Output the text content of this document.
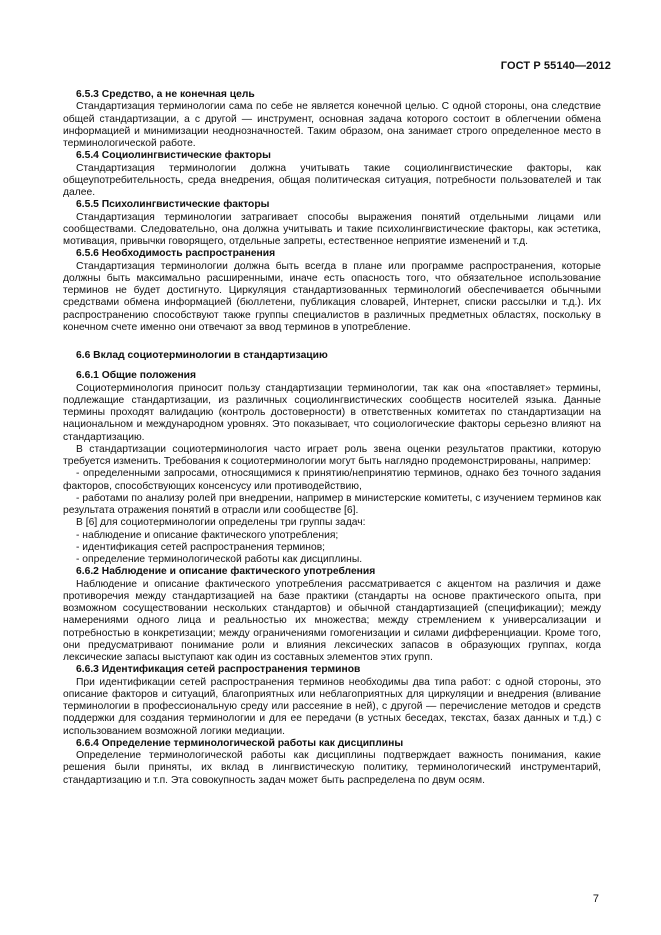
ГОСТ Р 55140—2012

6.5.3 Средство, а не конечная цель

Стандартизация терминологии сама по себе не является конечной целью. С одной стороны, она следствие общей стандартизации, а с другой — инструмент, основная задача которого состоит в облегчении обмена информацией и минимизации неоднозначностей. Таким образом, она занимает строго определенное место в терминологической работе.

6.5.4 Социолингвистические факторы

Стандартизация терминологии должна учитывать такие социолингвистические факторы, как общеупотребительность, среда внедрения, общая политическая ситуация, потребности пользователей и так далее.

6.5.5 Психолингвистические факторы

Стандартизация терминологии затрагивает способы выражения понятий отдельными лицами или сообществами. Следовательно, она должна учитывать и такие психолингвистические факторы, как эстетика, мотивация, привычки говорящего, отдельные запреты, естественное неприятие изменений и т.д.

6.5.6 Необходимость распространения

Стандартизация терминологии должна быть всегда в плане или программе распространения, которые должны быть максимально расширенными, иначе есть опасность того, что обязательное использование терминов не будет достигнуто. Циркуляция стандартизованных терминологий обеспечивается обычными средствами обмена информацией (бюллетени, публикация словарей, Интернет, списки рассылки и т.д.). Их распространению способствуют также группы специалистов в различных предметных областях, поскольку в конечном счете именно они отвечают за ввод терминов в употребление.

6.6 Вклад социотерминологии в стандартизацию

6.6.1 Общие положения

Социотерминология приносит пользу стандартизации терминологии, так как она «поставляет» термины, подлежащие стандартизации, из различных социолингвистических сообществ носителей языка. Данные термины проходят валидацию (контроль достоверности) в ответственных комитетах по стандартизации на национальном и международном уровнях. Это показывает, что социологические факторы серьезно влияют на стандартизацию.

В стандартизации социотерминология часто играет роль звена оценки результатов практики, которую требуется изменить. Требования к социотерминологии могут быть наглядно продемонстрированы, например:

- определенными запросами, относящимися к принятию/непринятию терминов, однако без точного задания факторов, способствующих консенсусу или противодействию,

- работами по анализу ролей при внедрении, например в министерские комитеты, с изучением терминов как результата отражения понятий в отрасли или сообществе [6].

В [6] для социотерминологии определены три группы задач:

- наблюдение и описание фактического употребления;

- идентификация сетей распространения терминов;

- определение терминологической работы как дисциплины.

6.6.2 Наблюдение и описание фактического употребления

Наблюдение и описание фактического употребления рассматривается с акцентом на различия и даже противоречия между стандартизацией на базе практики (стандарты на основе практического опыта, при возможном сосуществовании нескольких стандартов) и обычной стандартизацией (спецификации); между намерениями одного лица и реальностью их множества; между стремлением к универсализации и потребностью в конкретизации; между ограничениями гомогенизации и силами дифференциации. Кроме того, они предусматривают понимание роли и влияния лексических запасов в образующих группах, когда лексические запасы выступают как один из составных элементов этих групп.

6.6.3 Идентификация сетей распространения терминов

При идентификации сетей распространения терминов необходимы два типа работ: с одной стороны, это описание факторов и ситуаций, благоприятных или неблагоприятных для циркуляции и внедрения (вливание терминологии в профессиональную среду или рассеяние в ней), с другой — перечисление методов и средств поддержки для создания терминологии и для ее передачи (в устных беседах, текстах, базах данных и т.д.) с использованием возможной логики медиации.

6.6.4 Определение терминологической работы как дисциплины

Определение терминологической работы как дисциплины подтверждает важность понимания, какие решения были приняты, их вклад в лингвистическую политику, терминологический инструментарий, стандартизацию и т.п. Эта совокупность задач может быть распределена по двум осям.

7
